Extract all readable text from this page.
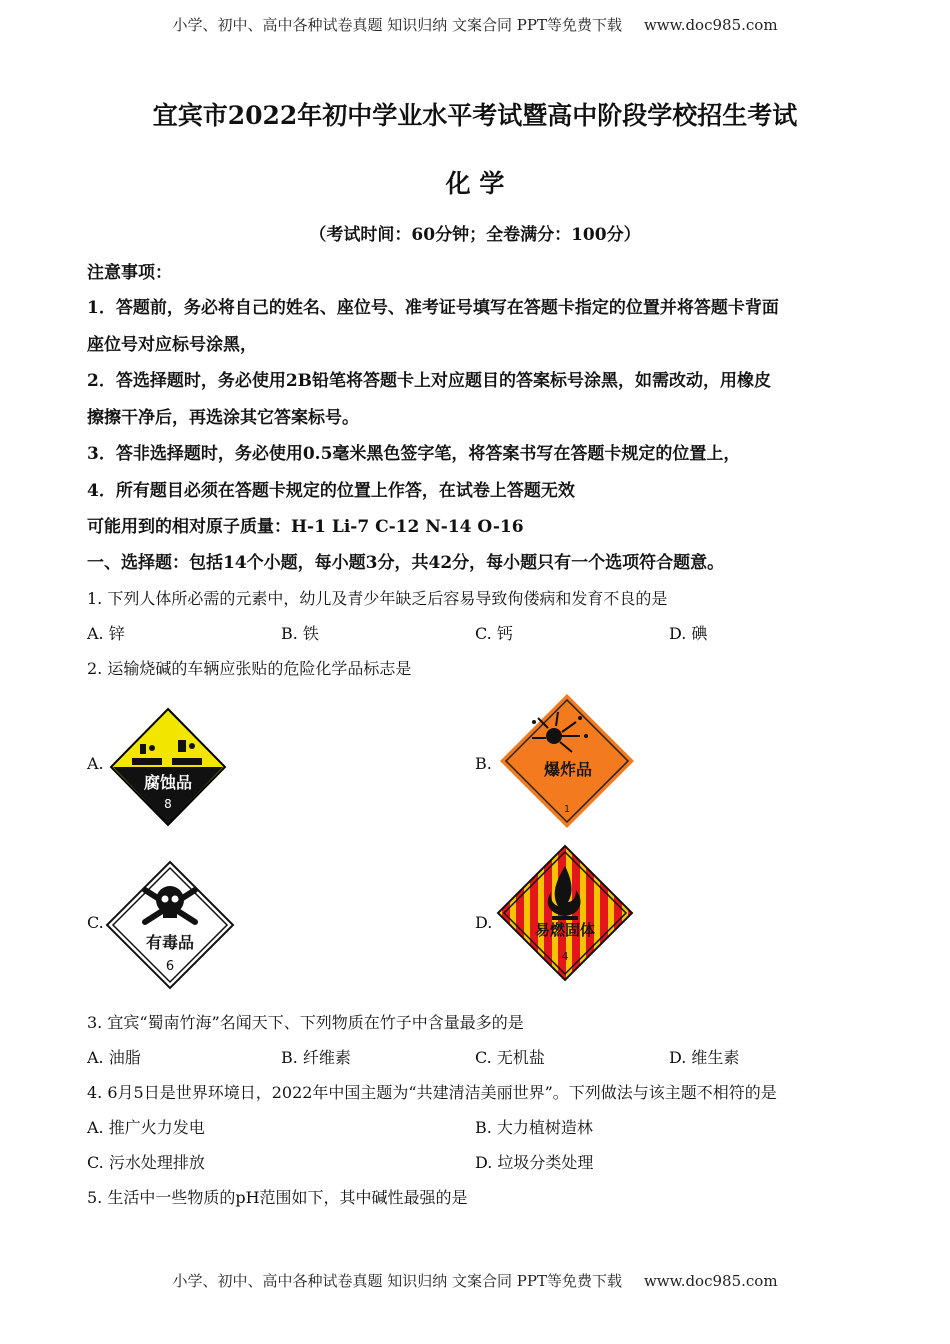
小学、初中、高中各种试卷真题 知识归纳 文案合同 PPT等免费下载 www.doc985.com
宜宾市2022年初中学业水平考试暨高中阶段学校招生考试
化 学
（考试时间：60分钟；全卷满分：100分）
注意事项：
1．答题前，务必将自己的姓名、座位号、准考证号填写在答题卡指定的位置并将答题卡背面
座位号对应标号涂黑，
2．答选择题时，务必使用2B铅笔将答题卡上对应题目的答案标号涂黑，如需改动，用橡皮
擦擦干净后，再选涂其它答案标号。
3．答非选择题时，务必使用0.5毫米黑色签字笔，将答案书写在答题卡规定的位置上，
4．所有题目必须在答题卡规定的位置上作答，在试卷上答题无效
可能用到的相对原子质量：H-1 Li-7 C-12 N-14 O-16
一、选择题：包括14个小题，每小题3分，共42分，每小题只有一个选项符合题意。
1. 下列人体所必需的元素中，幼儿及青少年缺乏后容易导致佝偻病和发育不良的是
A. 锌	B. 铁	C. 钙	D. 碘
2. 运输烧碱的车辆应张贴的危险化学品标志是
A.
腐蚀品
8
B.	爆炸品
1
C.
有毒品
6
D.	易燃固体
4
3. 宜宾“蜀南竹海”名闻天下、下列物质在竹子中含量最多的是
A. 油脂	B. 纤维素	C. 无机盐	D. 维生素
4. 6月5日是世界环境日，2022年中国主题为“共建清洁美丽世界”。下列做法与该主题不相符的是
A. 推广火力发电	B. 大力植树造林
C. 污水处理排放	D. 垃圾分类处理
5. 生活中一些物质的pH范围如下，其中碱性最强的是
小学、初中、高中各种试卷真题 知识归纳 文案合同 PPT等免费下载 www.doc985.com
